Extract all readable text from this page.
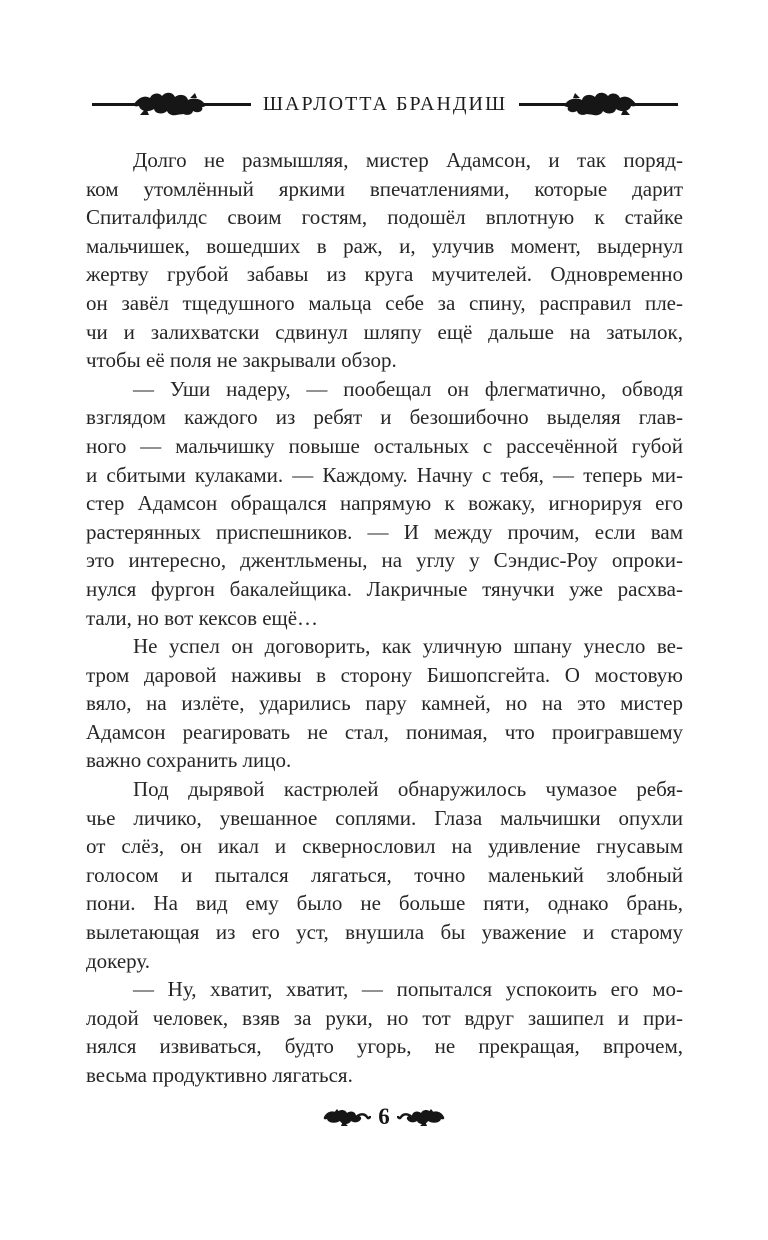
ШАРЛОТТА БРАНДИШ
Долго не размышляя, мистер Адамсон, и так поряд-
ком утомлённый яркими впечатлениями, которые дарит
Спиталфилдс своим гостям, подошёл вплотную к стайке
мальчишек, вошедших в раж, и, улучив момент, выдернул
жертву грубой забавы из круга мучителей. Одновременно
он завёл тщедушного мальца себе за спину, расправил пле-
чи и залихватски сдвинул шляпу ещё дальше на затылок,
чтобы её поля не закрывали обзор.
— Уши надеру, — пообещал он флегматично, обводя
взглядом каждого из ребят и безошибочно выделяя глав-
ного — мальчишку повыше остальных с рассечённой губой
и сбитыми кулаками. — Каждому. Начну с тебя, — теперь ми-
стер Адамсон обращался напрямую к вожаку, игнорируя его
растерянных приспешников. — И между прочим, если вам
это интересно, джентльмены, на углу у Сэндис-Роу опроки-
нулся фургон бакалейщика. Лакричные тянучки уже расхва-
тали, но вот кексов ещё…
Не успел он договорить, как уличную шпану унесло ве-
тром даровой наживы в сторону Бишопсгейта. О мостовую
вяло, на излёте, ударились пару камней, но на это мистер
Адамсон реагировать не стал, понимая, что проигравшему
важно сохранить лицо.
Под дырявой кастрюлей обнаружилось чумазое ребя-
чье личико, увешанное соплями. Глаза мальчишки опухли
от слёз, он икал и сквернословил на удивление гнусавым
голосом и пытался лягаться, точно маленький злобный
пони. На вид ему было не больше пяти, однако брань,
вылетающая из его уст, внушила бы уважение и старому
докеру.
— Ну, хватит, хватит, — попытался успокоить его мо-
лодой человек, взяв за руки, но тот вдруг зашипел и при-
нялся извиваться, будто угорь, не прекращая, впрочем,
весьма продуктивно лягаться.
6
